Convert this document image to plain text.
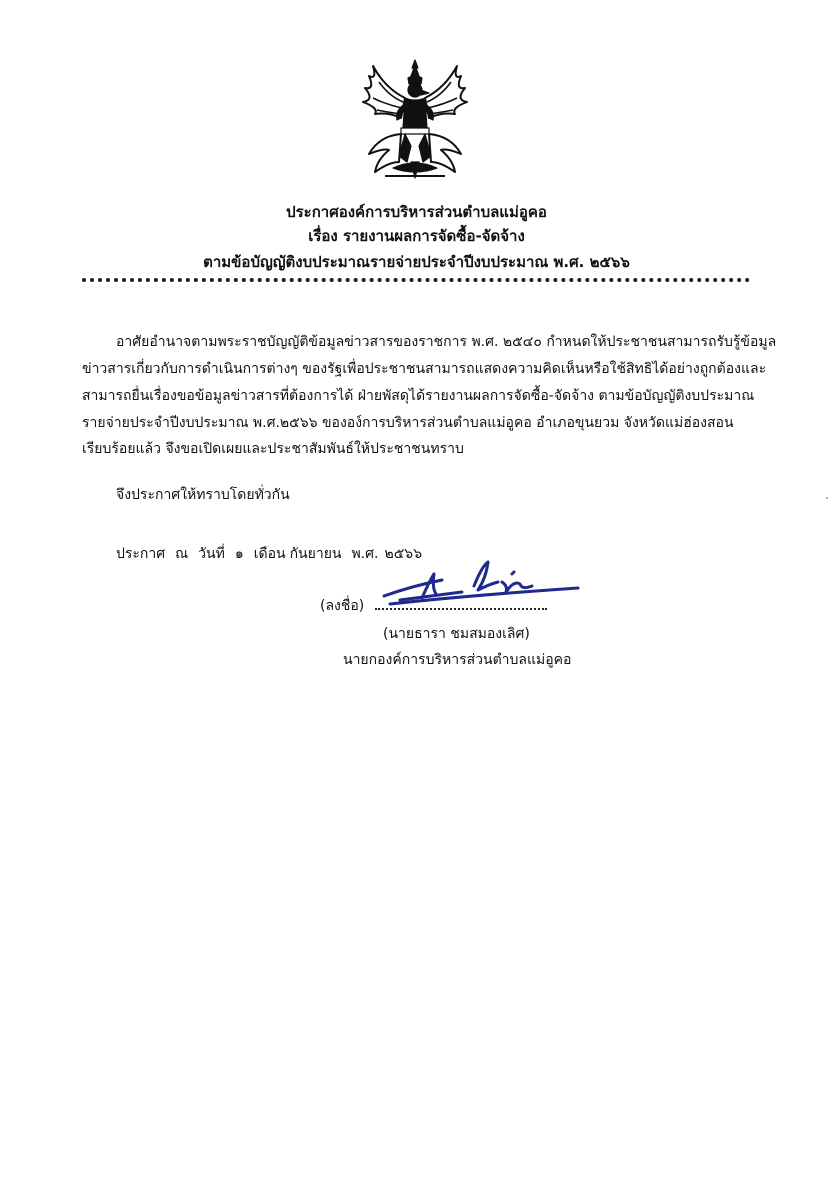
ประกาศองค์การบริหารส่วนตำบลแม่อูคอ
เรื่อง รายงานผลการจัดซื้อ-จัดจ้าง
ตามข้อบัญญัติงบประมาณรายจ่ายประจำปีงบประมาณ พ.ศ. ๒๕๖๖
อาศัยอำนาจตามพระราชบัญญัติข้อมูลข่าวสารของราชการ พ.ศ. ๒๕๔๐ กำหนดให้ประชาชนสามารถรับรู้ข้อมูล
ข่าวสารเกี่ยวกับการดำเนินการต่างๆ ของรัฐเพื่อประชาชนสามารถแสดงความคิดเห็นหรือใช้สิทธิได้อย่างถูกต้องและ
สามารถยื่นเรื่องขอข้อมูลข่าวสารที่ต้องการได้ ฝ่ายพัสดุได้รายงานผลการจัดซื้อ-จัดจ้าง ตามข้อบัญญัติงบประมาณ
รายจ่ายประจำปีงบประมาณ พ.ศ.๒๕๖๖ ขององ์การบริหารส่วนตำบลแม่อูคอ อำเภอขุนยวม จังหวัดแม่ฮ่องสอน
เรียบร้อยแล้ว จึงขอเปิดเผยและประชาสัมพันธ์ให้ประชาชนทราบ
จึงประกาศให้ทราบโดยทั่วกัน
ประกาศ ณ วันที่ ๑ เดือน กันยายน พ.ศ. ๒๕๖๖
(ลงชื่อ)
(นายธารา ชมสมองเลิศ)
นายกองค์การบริหารส่วนตำบลแม่อูคอ
